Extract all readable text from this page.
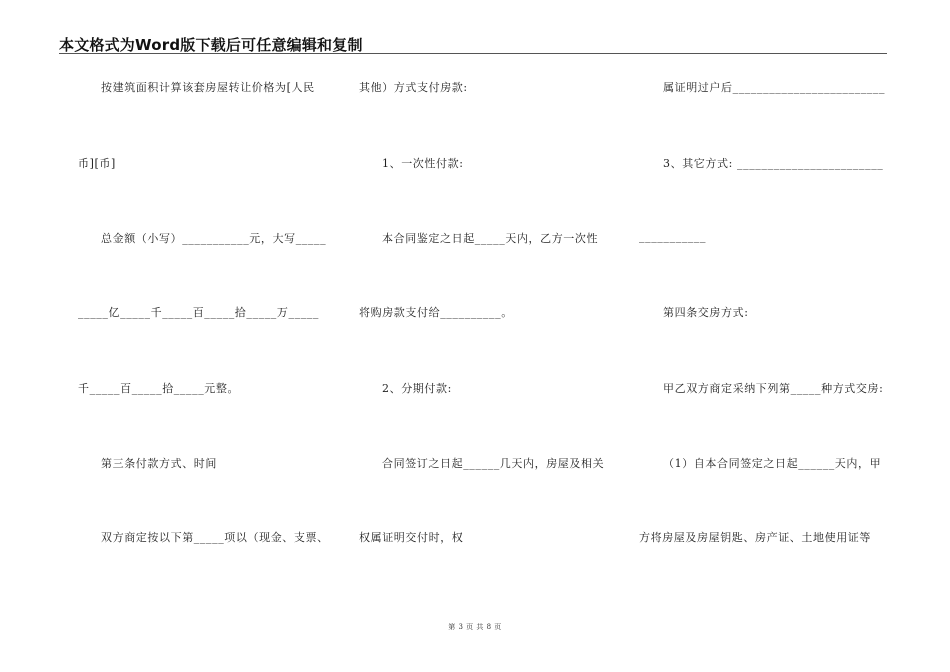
本文格式为Word版下载后可任意编辑和复制
按建筑面积计算该套房屋转让价格为[人民
币][币]
总金额（小写）___________元，大写_____
_____亿_____千_____百_____拾_____万_____
千_____百_____拾_____元整。
第三条付款方式、时间
双方商定按以下第_____项以（现金、支票、
其他）方式支付房款:
1、一次性付款:
本合同鉴定之日起_____天内，乙方一次性
将购房款支付给__________。
2、分期付款:
合同签订之日起______几天内，房屋及相关
权属证明交付时，权
属证明过户后_________________________
3、其它方式: ________________________
___________
第四条交房方式:
甲乙双方商定采纳下列第_____种方式交房:
（1）自本合同签定之日起______天内，甲
方将房屋及房屋钥匙、房产证、土地使用证等
第 3 页 共 8 页
